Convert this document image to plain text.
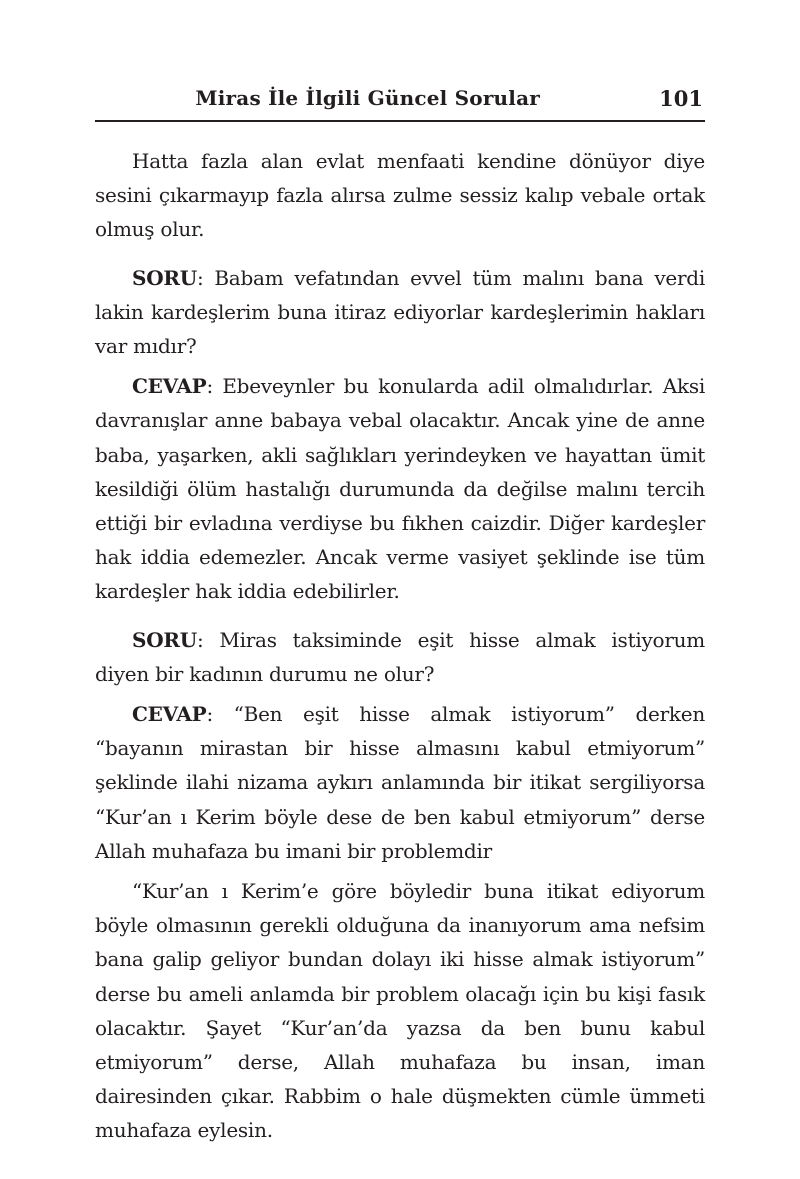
Miras İle İlgili Güncel Sorular	101

Hatta fazla alan evlat menfaati kendine dönüyor diye sesini çıkarmayıp fazla alırsa zulme sessiz kalıp vebale ortak olmuş olur.

SORU: Babam vefatından evvel tüm malını bana verdi lakin kardeşlerim buna itiraz ediyorlar kardeşlerimin hakları var mıdır?

CEVAP: Ebeveynler bu konularda adil olmalıdırlar. Aksi davranışlar anne babaya vebal olacaktır. Ancak yine de anne baba, yaşarken, akli sağlıkları yerindeyken ve hayattan ümit kesildiği ölüm hastalığı durumunda da değilse malını tercih ettiği bir evladına verdiyse bu fıkhen caizdir. Diğer kardeşler hak iddia edemezler. Ancak verme vasiyet şeklinde ise tüm kardeşler hak iddia edebilirler.

SORU: Miras taksiminde eşit hisse almak istiyorum diyen bir kadının durumu ne olur?

CEVAP: “Ben eşit hisse almak istiyorum” derken “bayanın mirastan bir hisse almasını kabul etmiyorum” şeklinde ilahi nizama aykırı anlamında bir itikat sergiliyorsa “Kur’an ı Kerim böyle dese de ben kabul etmiyorum” derse Allah muhafaza bu imani bir problemdir

“Kur’an ı Kerim’e göre böyledir buna itikat ediyorum böyle olmasının gerekli olduğuna da inanıyorum ama nefsim bana galip geliyor bundan dolayı iki hisse almak istiyorum” derse bu ameli anlamda bir problem olacağı için bu kişi fasık olacaktır. Şayet “Kur’an’da yazsa da ben bunu kabul etmiyorum” derse, Allah muhafaza bu insan, iman dairesinden çıkar. Rabbim o hale düşmekten cümle ümmeti muhafaza eylesin.
